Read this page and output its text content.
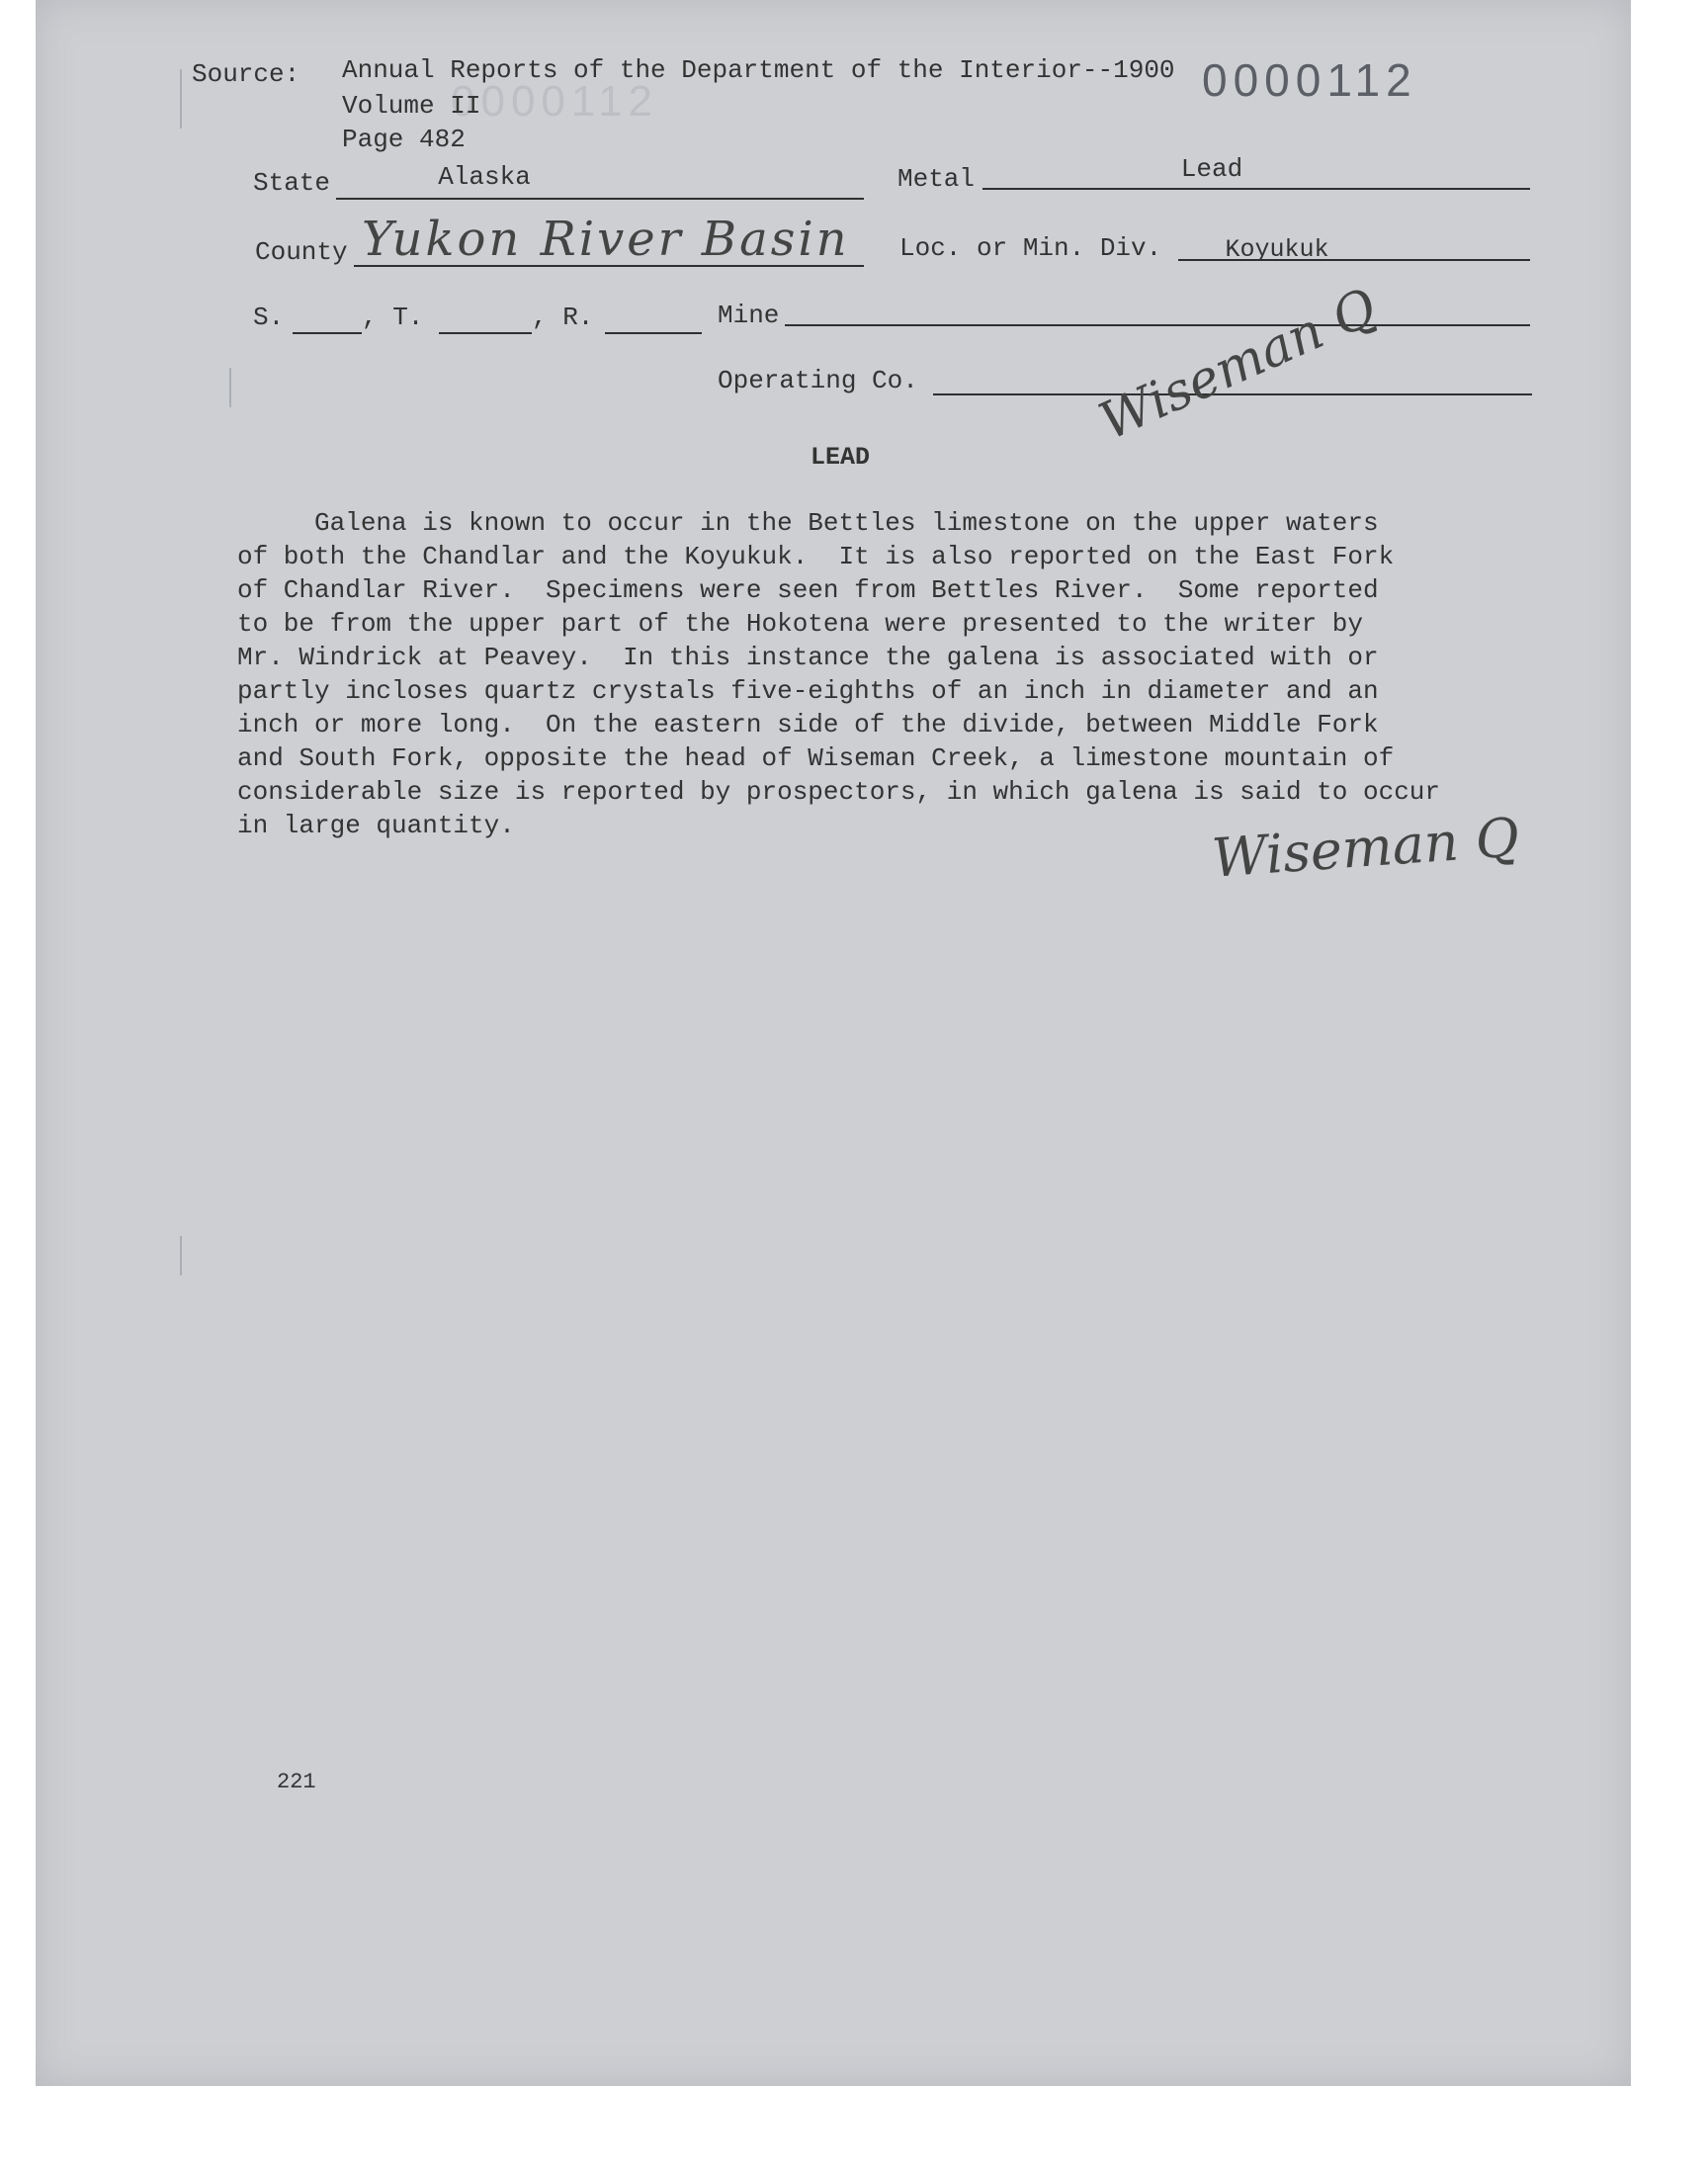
0000112
Source: Annual Reports of the Department of the Interior--1900
Volume II
Page 482
0000112
State	Alaska	Metal	Lead
County Yukon River Basin Loc. or Min. Div.	Koyukuk
S.	, T.	, R.	Mine
Operating Co.	Wiseman Q
LEAD

Galena is known to occur in the Bettles limestone on the upper waters

of both the Chandlar and the Koyukuk.  It is also reported on the East Fork

of Chandlar River.  Specimens were seen from Bettles River.  Some reported

to be from the upper part of the Hokotena were presented to the writer by

Mr. Windrick at Peavey.  In this instance the galena is associated with or

partly incloses quartz crystals five-eighths of an inch in diameter and an

inch or more long.  On the eastern side of the divide, between Middle Fork

and South Fork, opposite the head of Wiseman Creek, a limestone mountain of

considerable size is reported by prospectors, in which galena is said to occur

in large quantity.	Wiseman Q
221
